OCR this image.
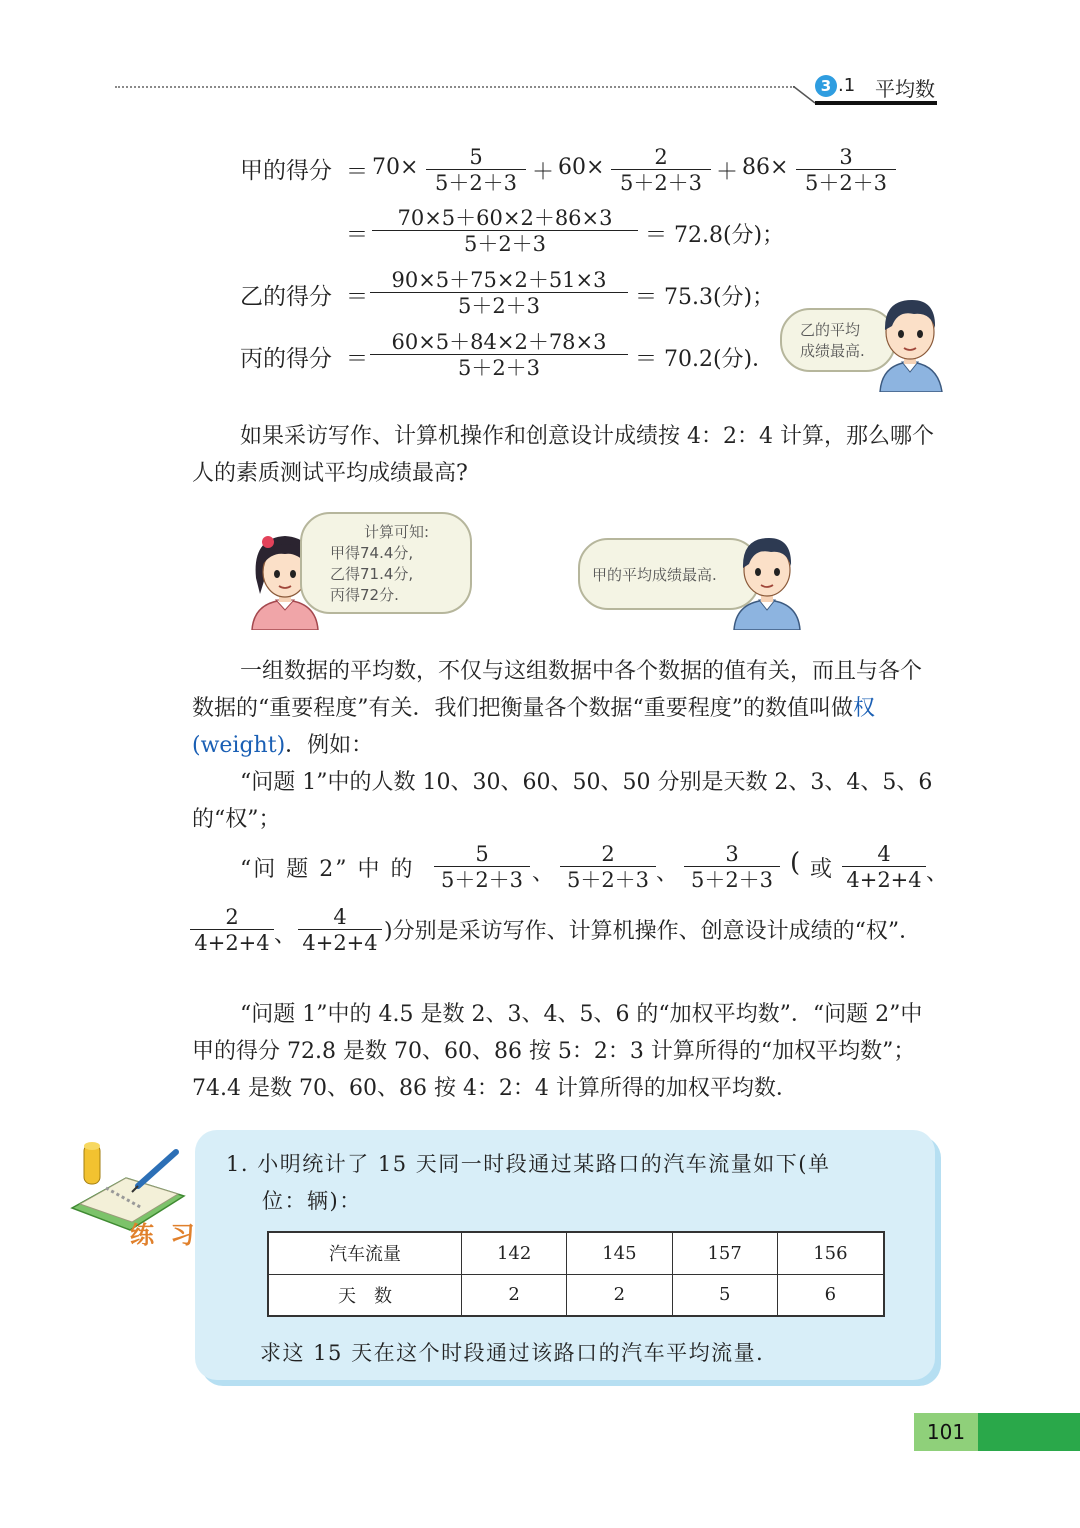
3 .1 平均数
甲的得分 ＝ $70 \times \frac{5}{5+2+3} + 60 \times \frac{2}{5+2+3} + 86 \times \frac{3}{5+2+3}$
＝ $\frac{70\times 5+60\times 2+86\times 3}{5+2+3} = 72.8$(分)；
乙的得分 ＝ $\frac{90\times 5+75\times 2+51\times 3}{5+2+3} = 75.3$(分)；
丙的得分 ＝ $\frac{60\times 5+84\times 2+78\times 3}{5+2+3} = 70.2$(分)．
乙的平均
成绩最高.
如果采访写作、计算机操作和创意设计成绩按 4：2：4 计算，那么哪个人的素质测试平均成绩最高?
计算可知:
甲得74.4分,
乙得71.4分,
丙得72分.
甲的平均成绩最高.
一组数据的平均数，不仅与这组数据中各个数据的值有关，而且与各个数据的“重要程度”有关．我们把衡量各个数据“重要程度”的数值叫做权(weight)．例如：
“问题 1”中的人数 10、30、60、50、50 分别是天数 2、3、4、5、6 的“权”；
“问 题 2” 中 的 $\frac{5}{5+2+3}$ 、 $\frac{2}{5+2+3}$ 、 $\frac{3}{5+2+3}$ ( 或 $\frac{4}{4+2+4}$ 、
$\frac{2}{4+2+4}$ 、 $\frac{4}{4+2+4}$ )分别是采访写作、计算机操作、创意设计成绩的“权”．
“问题 1”中的 4.5 是数 2、3、4、5、6 的“加权平均数”．“问题 2”中甲的得分 72.8 是数 70、60、86 按 5：2：3 计算所得的“加权平均数”；74.4 是数 70、60、86 按 4：2：4 计算所得的加权平均数．
练 习
1. 小明统计了 15 天同一时段通过某路口的汽车流量如下(单
位：辆)：
汽车流量	142	145	157	156
天　数	2	2	5	6
求这 15 天在这个时段通过该路口的汽车平均流量．
101
